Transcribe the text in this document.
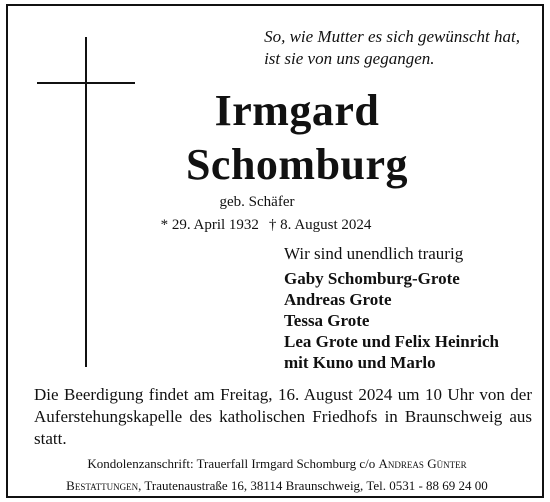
So, wie Mutter es sich gewünscht hat,
ist sie von uns gegangen.
Irmgard
Schomburg
geb. Schäfer
* 29. April 1932 † 8. August 2024
Wir sind unendlich traurig
Gaby Schomburg-Grote
Andreas Grote
Tessa Grote
Lea Grote und Felix Heinrich
mit Kuno und Marlo
Die Beerdigung findet am Freitag, 16. August 2024 um 10 Uhr von der Auferstehungskapelle des katholischen Friedhofs in Braunschweig aus statt.
Kondolenzanschrift: Trauerfall Irmgard Schomburg c/o Andreas Günter
Bestattungen, Trautenaustraße 16, 38114 Braunschweig, Tel. 0531 - 88 69 24 00
